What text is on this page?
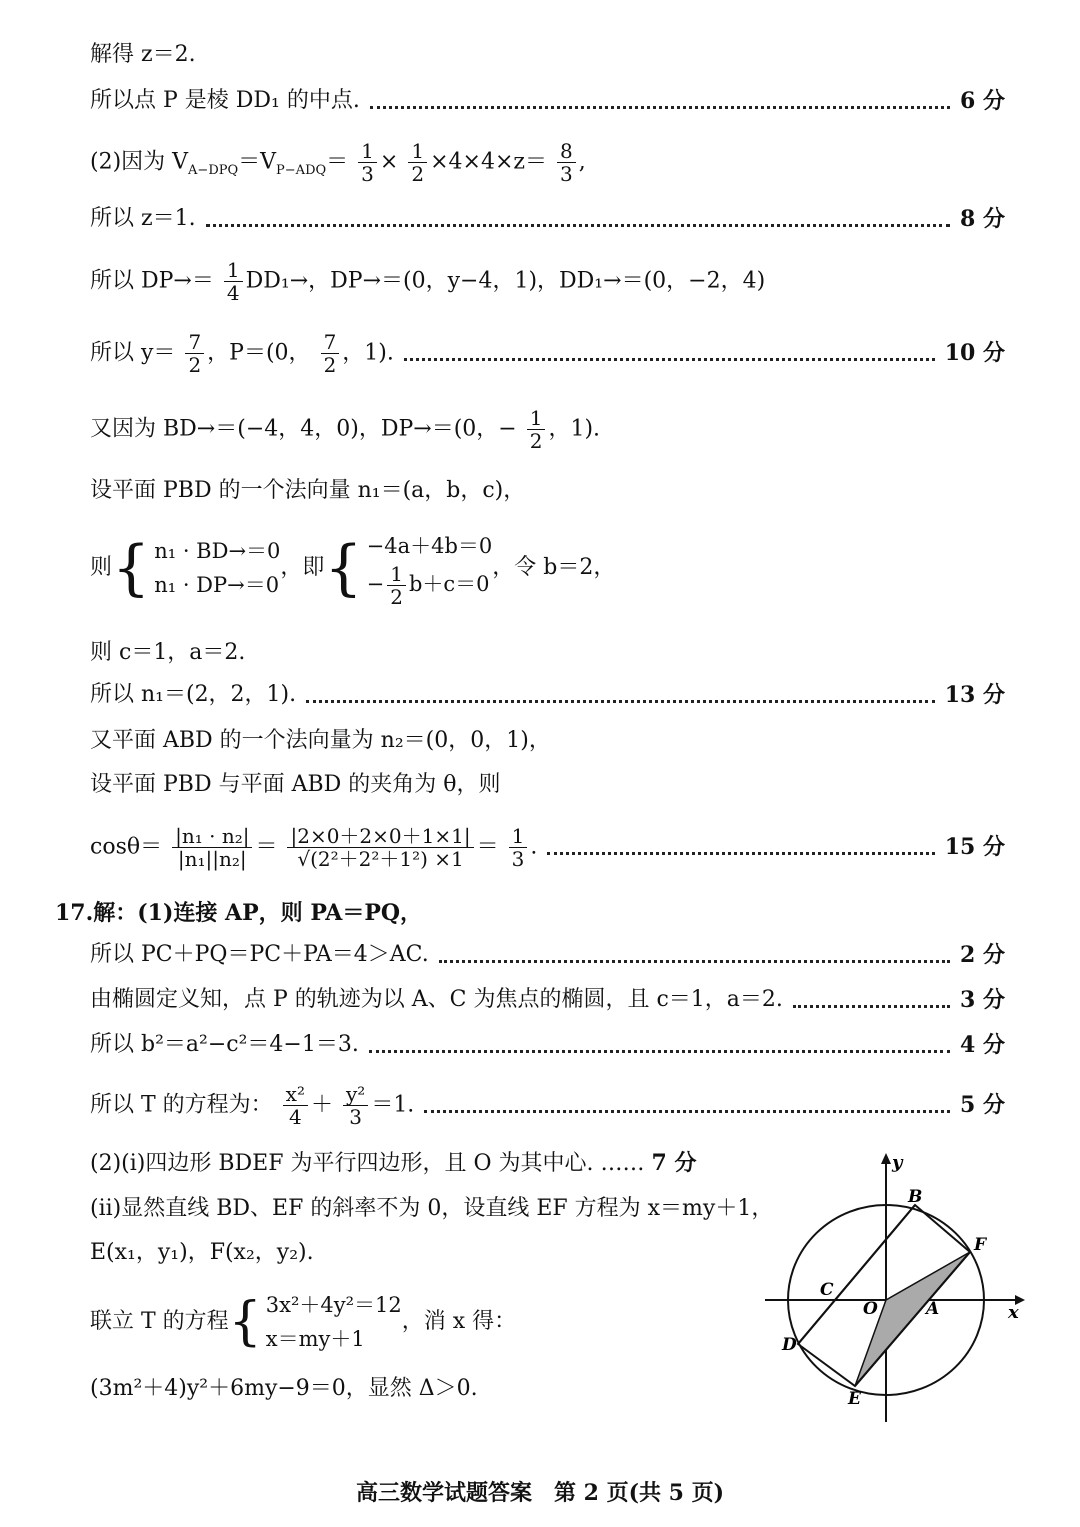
解得 z＝2.
所以点 P 是棱 DD₁ 的中点.	6 分
(2)因为 $V_{A-DPQ}=V_{P-ADQ}= \frac{1}{3} \times \frac{1}{2} \times 4\times 4\times z= \frac{8}{3}$ ,
所以 z＝1.	8 分
所以 $DP\to= \frac{1}{4} DD_1\to$，DP→＝(0，y−4，1)，DD₁→＝(0，−2，4)
所以 $y= \frac{7}{2}$ ，P＝(0， $\frac{7}{2}$ ，1).	10 分
又因为 BD→＝(−4，4，0)，DP→＝(0，− $\frac{1}{2}$ ，1).
设平面 PBD 的一个法向量 n₁＝(a，b，c)，
则 { n₁ · BD→＝0
n₁ · DP→＝0
，即 { −4a＋4b＝0
− $\frac{1}{2} b+c=0$
，令 b＝2，
则 c＝1，a＝2.
所以 n₁＝(2，2，1).	13 分
又平面 ABD 的一个法向量为 n₂＝(0，0，1)，
设平面 PBD 与平面 ABD 的夹角为 θ，则
$\cos\theta= \frac{\text{|n₁ · n₂|}}{\text{|n₁||n₂|}} = \frac{|2\times 0+2\times 0+1\times 1|}{\text{√(2²＋2²＋1²) ×1}} = \frac{1}{3}$ .	15 分
17.解：(1)连接 AP，则 PA＝PQ，
所以 PC＋PQ＝PC＋PA＝4＞AC.	2 分
由椭圆定义知，点 P 的轨迹为以 A、C 为焦点的椭圆，且 c＝1，a＝2.	3 分
所以 b²＝a²−c²＝4−1＝3.	4 分
所以 T 的方程为： $\frac{\text{x²}}{4} + \frac{\text{y²}}{3} =1$.	5 分
(2)(i)四边形 BDEF 为平行四边形，且 O 为其中心. …… 7 分
(ii)显然直线 BD、EF 的斜率不为 0，设直线 EF 方程为 x＝my＋1，
E(x₁，y₁)，F(x₂，y₂).
联立 T 的方程 { 3x²＋4y²＝12
x＝my＋1
，消 x 得：
(3m²＋4)y²＋6my−9＝0，显然 Δ＞0.
y
x
B
F
C
O	A
D
E
高三数学试题答案　第 2 页(共 5 页)
